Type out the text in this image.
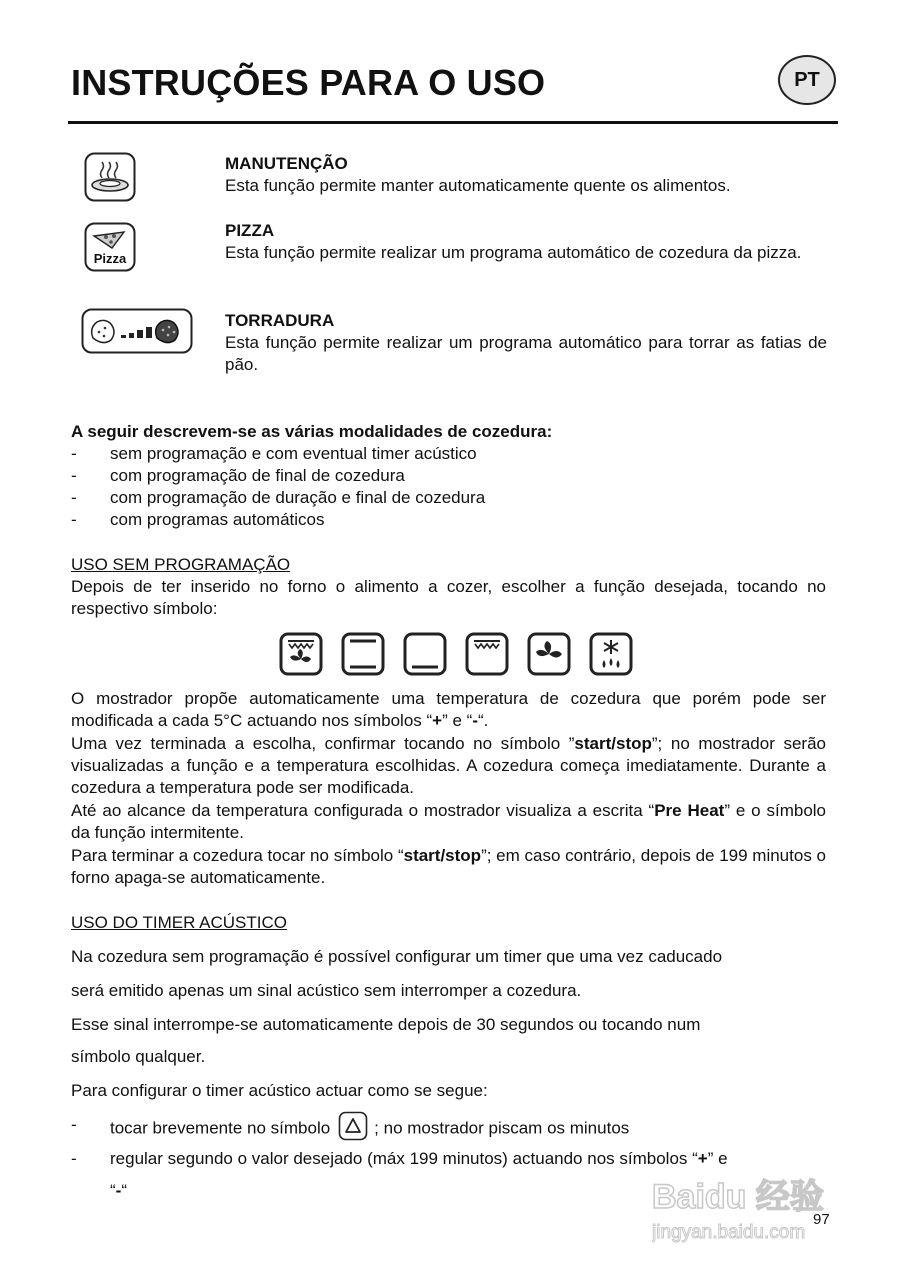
INSTRUÇÕES PARA O USO	PT
MANUTENÇÃO
Esta função permite manter automaticamente quente os alimentos.
Pizza
PIZZA
Esta função permite realizar um programa automático de cozedura da pizza.
TORRADURA
Esta função permite realizar um programa automático para torrar as fatias de pão.
A seguir descrevem-se as várias modalidades de cozedura:
- sem programação e com eventual timer acústico
- com programação de final de cozedura
- com programação de duração e final de cozedura
- com programas automáticos
USO SEM PROGRAMAÇÃO
Depois de ter inserido no forno o alimento a cozer, escolher a função desejada, tocando no respectivo símbolo:
O mostrador propõe automaticamente uma temperatura de cozedura que porém pode ser modificada a cada 5°C actuando nos símbolos “+” e “-“.
Uma vez terminada a escolha, confirmar tocando no símbolo ”start/stop”; no mostrador serão visualizadas a função e a temperatura escolhidas. A cozedura começa imediatamente. Durante a cozedura a temperatura pode ser modificada.
Até ao alcance da temperatura configurada o mostrador visualiza a escrita “Pre Heat” e o símbolo da função intermitente.
Para terminar a cozedura tocar no símbolo “start/stop”; em caso contrário, depois de 199 minutos o forno apaga-se automaticamente.
USO DO TIMER ACÚSTICO
Na cozedura sem programação é possível configurar um timer que uma vez caducado
será emitido apenas um sinal acústico sem interromper a cozedura.
Esse sinal interrompe-se automaticamente depois de 30 segundos ou tocando num
símbolo qualquer.
Para configurar o timer acústico actuar como se segue:
- tocar brevemente no símbolo	; no mostrador piscam os minutos
- regular segundo o valor desejado (máx 199 minutos) actuando nos símbolos “+” e
“-“	Baidu 经验
jingyan.baidu.com
97
